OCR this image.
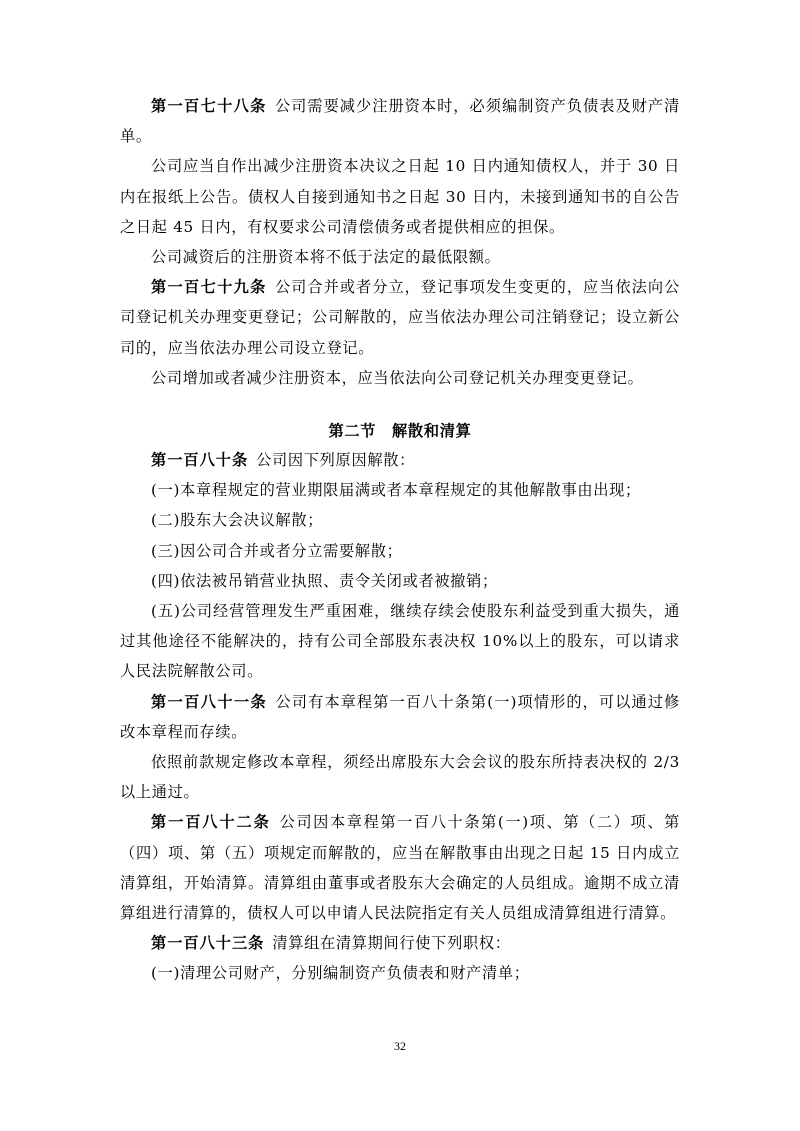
第一百七十八条 公司需要减少注册资本时，必须编制资产负债表及财产清单。

公司应当自作出减少注册资本决议之日起 10 日内通知债权人，并于 30 日内在报纸上公告。债权人自接到通知书之日起 30 日内，未接到通知书的自公告之日起 45 日内，有权要求公司清偿债务或者提供相应的担保。

公司减资后的注册资本将不低于法定的最低限额。

第一百七十九条 公司合并或者分立，登记事项发生变更的，应当依法向公司登记机关办理变更登记；公司解散的，应当依法办理公司注销登记；设立新公司的，应当依法办理公司设立登记。

公司增加或者减少注册资本，应当依法向公司登记机关办理变更登记。

第二节　解散和清算

第一百八十条 公司因下列原因解散：

(一)本章程规定的营业期限届满或者本章程规定的其他解散事由出现；

(二)股东大会决议解散；

(三)因公司合并或者分立需要解散；

(四)依法被吊销营业执照、责令关闭或者被撤销；

(五)公司经营管理发生严重困难，继续存续会使股东利益受到重大损失，通过其他途径不能解决的，持有公司全部股东表决权 10%以上的股东，可以请求人民法院解散公司。

第一百八十一条 公司有本章程第一百八十条第(一)项情形的，可以通过修改本章程而存续。

依照前款规定修改本章程，须经出席股东大会会议的股东所持表决权的 2/3 以上通过。

第一百八十二条 公司因本章程第一百八十条第(一)项、第（二）项、第（四）项、第（五）项规定而解散的，应当在解散事由出现之日起 15 日内成立清算组，开始清算。清算组由董事或者股东大会确定的人员组成。逾期不成立清算组进行清算的，债权人可以申请人民法院指定有关人员组成清算组进行清算。

第一百八十三条 清算组在清算期间行使下列职权：

(一)清理公司财产，分别编制资产负债表和财产清单；

32
